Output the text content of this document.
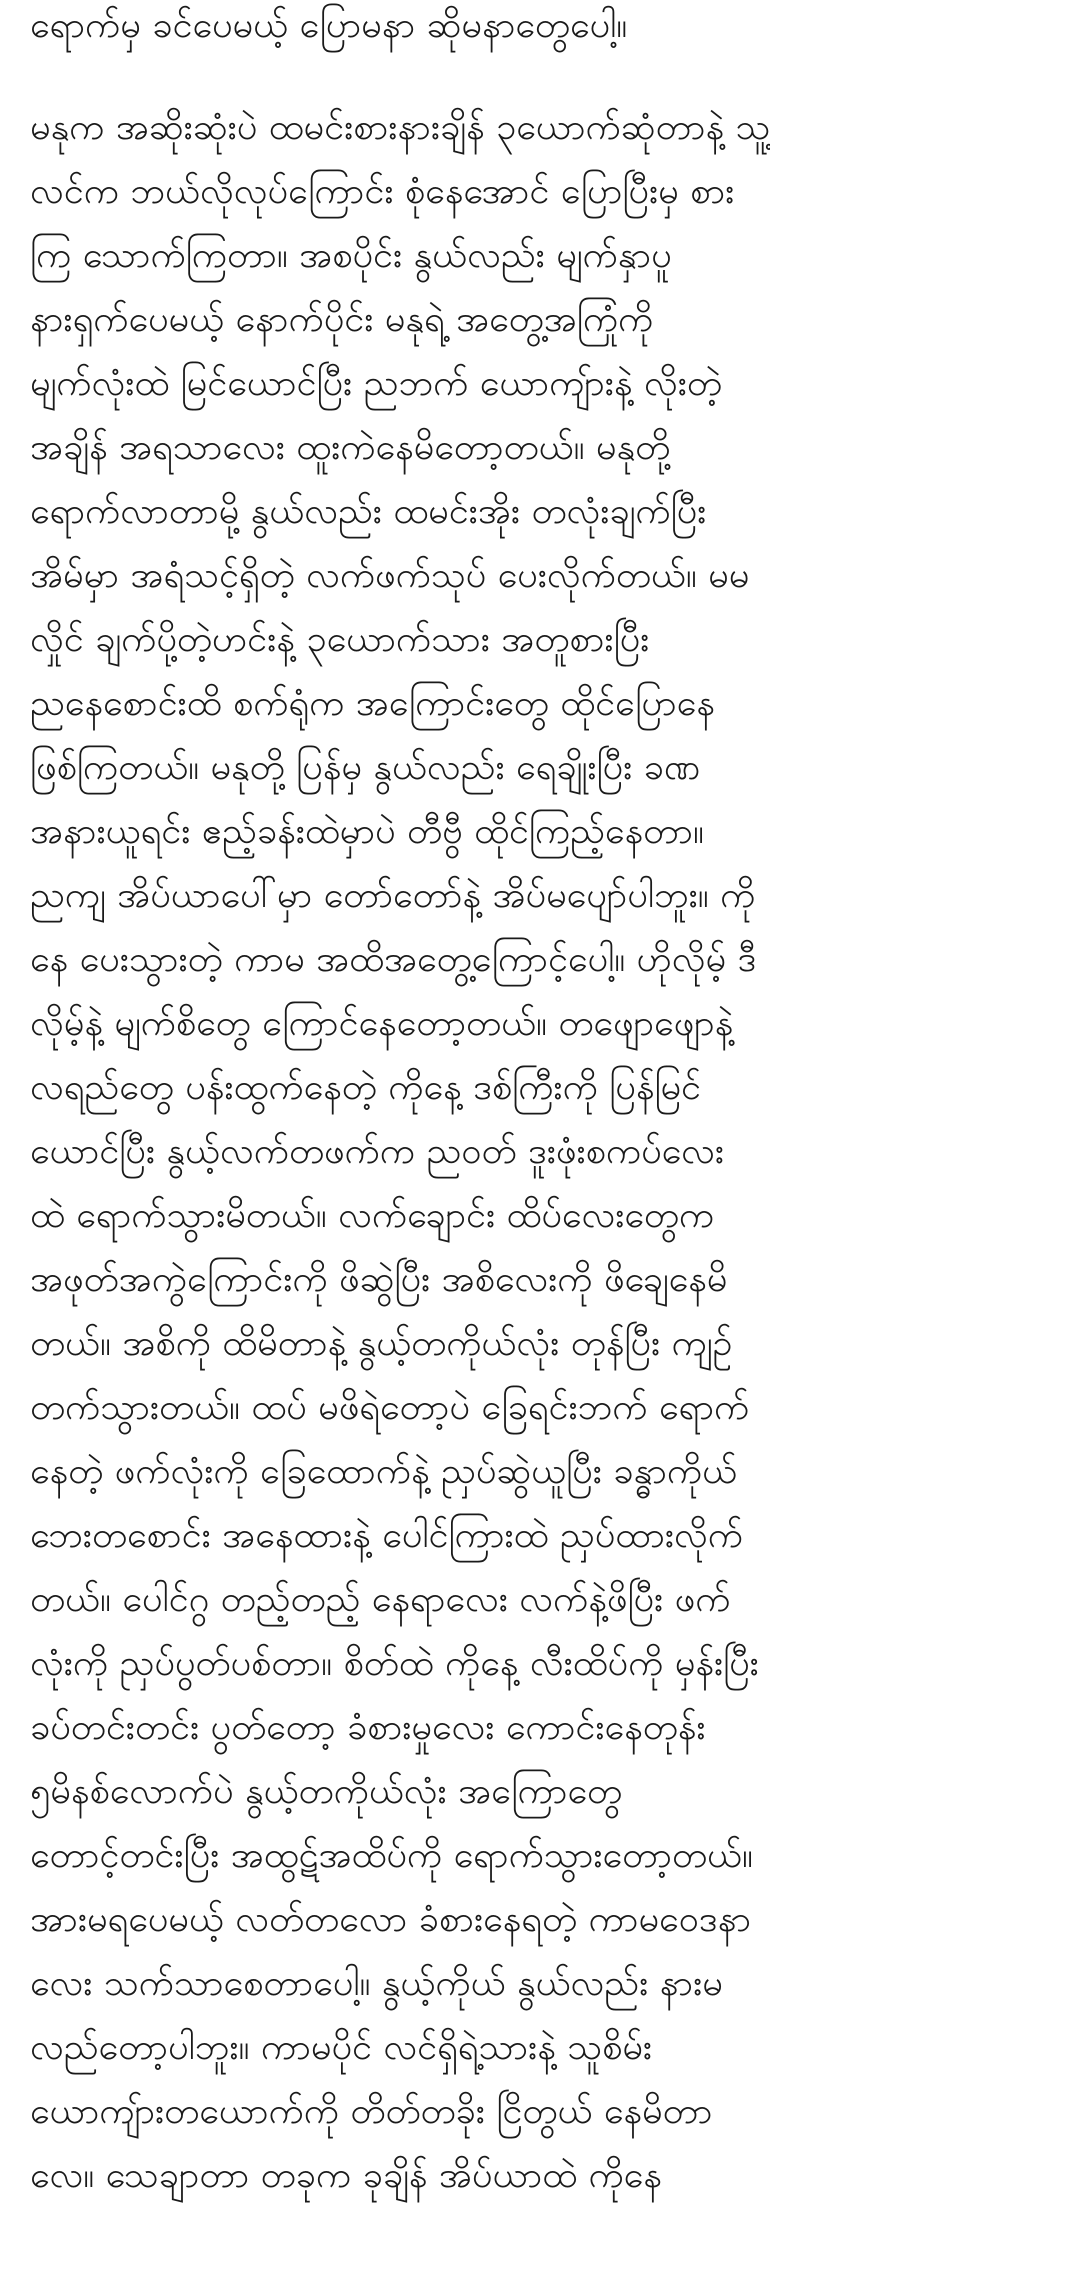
ရောက်မှ ခင်ပေမယ့် ပြောမနာ ဆိုမနာတွေပေါ့။

မနုက အဆိုးဆုံးပဲ ထမင်းစားနားချိန် ၃ယောက်ဆုံတာနဲ့ သူ့
လင်က ဘယ်လိုလုပ်ကြောင်း စုံနေအောင် ပြောပြီးမှ စား
ကြ သောက်ကြတာ။ အစပိုင်း နွယ်လည်း မျက်နှာပူ
နားရှက်ပေမယ့် နောက်ပိုင်း မနုရဲ့ အတွေ့အကြုံကို
မျက်လုံးထဲ မြင်ယောင်ပြီး ညဘက် ယောကျ်ားနဲ့ လိုးတဲ့
အချိန် အရသာလေး ထူးကဲနေမိတော့တယ်။ မနုတို့
ရောက်လာတာမို့ နွယ်လည်း ထမင်းအိုး တလုံးချက်ပြီး
အိမ်မှာ အရံသင့်ရှိတဲ့ လက်ဖက်သုပ် ပေးလိုက်တယ်။ မမ
လှိုင် ချက်ပို့တဲ့ဟင်းနဲ့ ၃ယောက်သား အတူစားပြီး
ညနေစောင်းထိ စက်ရုံက အကြောင်းတွေ ထိုင်ပြောနေ
ဖြစ်ကြတယ်။ မနုတို့ ပြန်မှ နွယ်လည်း ရေချိုးပြီး ခဏ
အနားယူရင်း ဧည့်ခန်းထဲမှာပဲ တီဗွီ ထိုင်ကြည့်နေတာ။
ညကျ အိပ်ယာပေါ်မှာ တော်တော်နဲ့ အိပ်မပျော်ပါဘူး။ ကို
နေ ပေးသွားတဲ့ ကာမ အထိအတွေ့ကြောင့်ပေါ့။ ဟိုလိုမ့် ဒီ
လိုမ့်နဲ့ မျက်စိတွေ ကြောင်နေတော့တယ်။ တဖျောဖျောနဲ့
လရည်တွေ ပန်းထွက်နေတဲ့ ကိုနေ့ ဒစ်ကြီးကို ပြန်မြင်
ယောင်ပြီး နွယ့်လက်တဖက်က ညဝတ် ဒူးဖုံးစကပ်လေး
ထဲ ရောက်သွားမိတယ်။ လက်ချောင်း ထိပ်လေးတွေက
အဖုတ်အကွဲကြောင်းကို ဖိဆွဲပြီး အစိလေးကို ဖိချေနေမိ
တယ်။ အစိကို ထိမိတာနဲ့ နွယ့်တကိုယ်လုံး တုန်ပြီး ကျဉ်
တက်သွားတယ်။ ထပ် မဖိရဲတော့ပဲ ခြေရင်းဘက် ရောက်
နေတဲ့ ဖက်လုံးကို ခြေထောက်နဲ့ ညှပ်ဆွဲယူပြီး ခန္ဓာကိုယ်
ဘေးတစောင်း အနေထားနဲ့ ပေါင်ကြားထဲ ညှပ်ထားလိုက်
တယ်။ ပေါင်ဂွ တည့်တည့် နေရာလေး လက်နဲ့ဖိပြီး ဖက်
လုံးကို ညှပ်ပွတ်ပစ်တာ။ စိတ်ထဲ ကိုနေ့ လီးထိပ်ကို မှန်းပြီး
ခပ်တင်းတင်း ပွတ်တော့ ခံစားမှုလေး ကောင်းနေတုန်း
၅မိနစ်လောက်ပဲ နွယ့်တကိုယ်လုံး အကြောတွေ
တောင့်တင်းပြီး အထွဋ်အထိပ်ကို ရောက်သွားတော့တယ်။
အားမရပေမယ့် လတ်တလော ခံစားနေရတဲ့ ကာမဝေဒနာ
လေး သက်သာစေတာပေါ့။ နွယ့်ကိုယ် နွယ်လည်း နားမ
လည်တော့ပါဘူး။ ကာမပိုင် လင်ရှိရဲ့သားနဲ့ သူစိမ်း
ယောကျ်ားတယောက်ကို တိတ်တခိုး ငြိတွယ် နေမိတာ
လေ။ သေချာတာ တခုက ခုချိန် အိပ်ယာထဲ ကိုနေ
